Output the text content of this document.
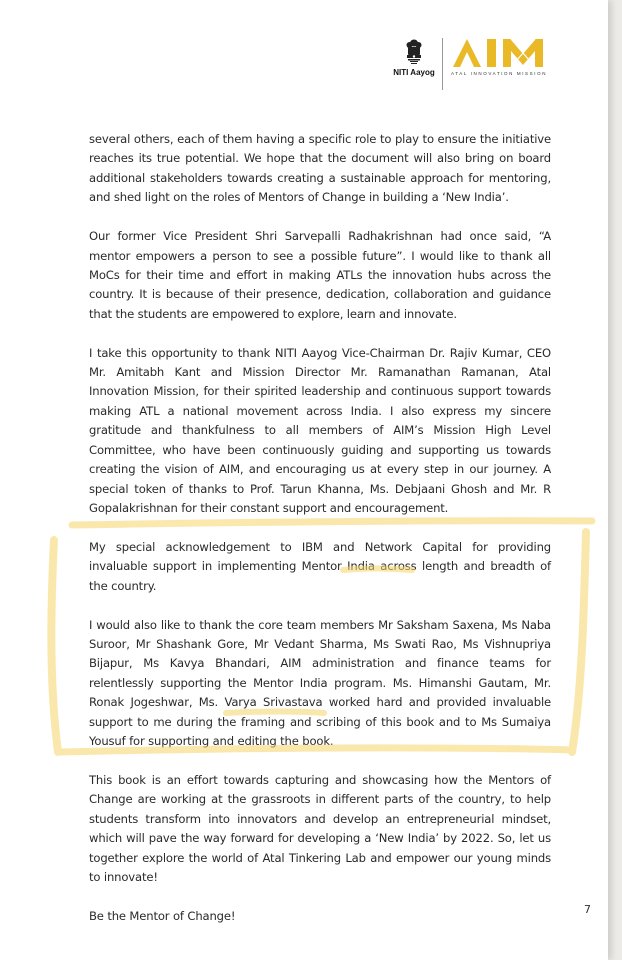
NITI Aayog	ATAL INNOVATION MISSION

several others, each of them having a specific role to play to ensure the initiative reaches its true potential. We hope that the document will also bring on board additional stakeholders towards creating a sustainable approach for mentoring, and shed light on the roles of Mentors of Change in building a ‘New India’.

Our former Vice President Shri Sarvepalli Radhakrishnan had once said, “A mentor empowers a person to see a possible future”. I would like to thank all MoCs for their time and effort in making ATLs the innovation hubs across the country. It is because of their presence, dedication, collaboration and guidance that the students are empowered to explore, learn and innovate.

I take this opportunity to thank NITI Aayog Vice-Chairman Dr. Rajiv Kumar, CEO Mr. Amitabh Kant and Mission Director Mr. Ramanathan Ramanan, Atal Innovation Mission, for their spirited leadership and continuous support towards making ATL a national movement across India. I also express my sincere gratitude and thankfulness to all members of AIM’s Mission High Level Committee, who have been continuously guiding and supporting us towards creating the vision of AIM, and encouraging us at every step in our journey. A special token of thanks to Prof. Tarun Khanna, Ms. Debjaani Ghosh and Mr. R Gopalakrishnan for their constant support and encouragement.

My special acknowledgement to IBM and Network Capital for providing invaluable support in implementing Mentor India across length and breadth of the country.

I would also like to thank the core team members Mr Saksham Saxena, Ms Naba Suroor, Mr Shashank Gore, Mr Vedant Sharma, Ms Swati Rao, Ms Vishnupriya Bijapur, Ms Kavya Bhandari, AIM administration and finance teams for relentlessly supporting the Mentor India program. Ms. Himanshi Gautam, Mr. Ronak Jogeshwar, Ms. Varya Srivastava worked hard and provided invaluable support to me during the framing and scribing of this book and to Ms Sumaiya Yousuf for supporting and editing the book.

This book is an effort towards capturing and showcasing how the Mentors of Change are working at the grassroots in different parts of the country, to help students transform into innovators and develop an entrepreneurial mindset, which will pave the way forward for developing a ‘New India’ by 2022. So, let us together explore the world of Atal Tinkering Lab and empower our young minds to innovate!

Be the Mentor of Change!	7
